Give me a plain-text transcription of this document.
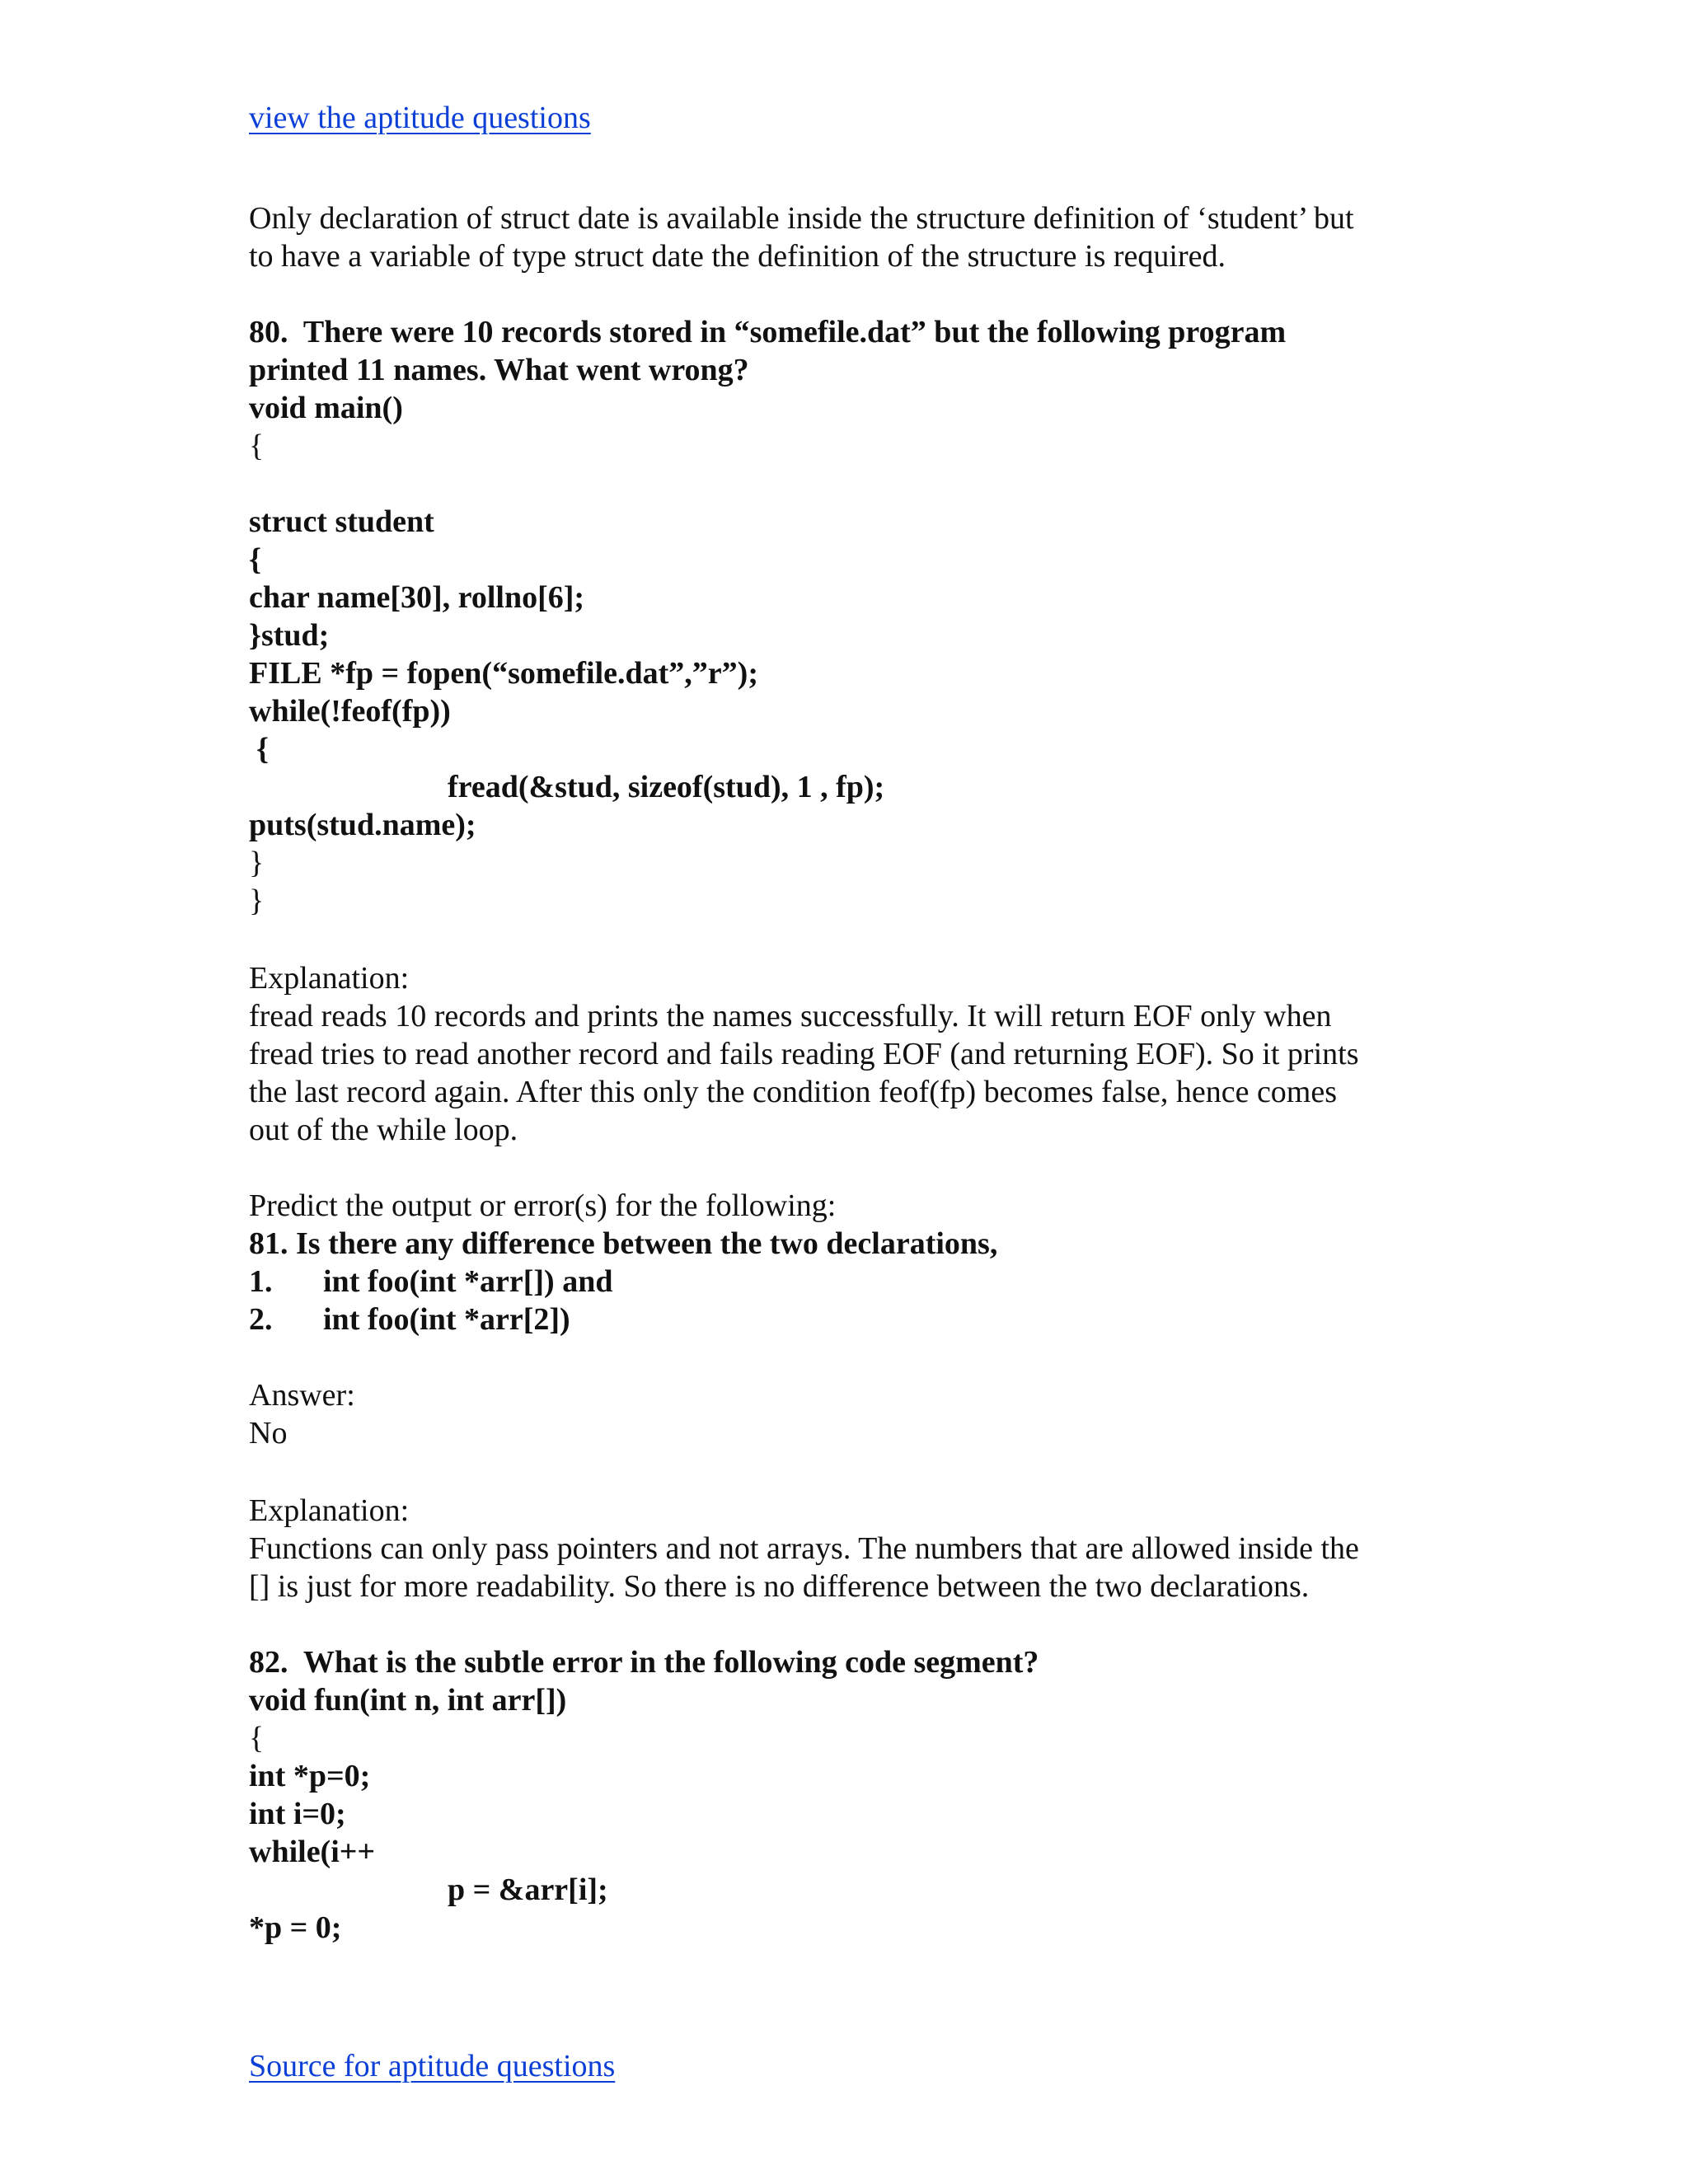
view the aptitude questions
Only declaration of struct date is available inside the structure definition of ‘student’ but
to have a variable of type struct date the definition of the structure is required.
80.  There were 10 records stored in “somefile.dat” but the following program
printed 11 names. What went wrong?
void main()
{
struct student
{
char name[30], rollno[6];
}stud;
FILE *fp = fopen(“somefile.dat”,”r”);
while(!feof(fp))
{
fread(&stud, sizeof(stud), 1 , fp);
puts(stud.name);
}
}
Explanation:
fread reads 10 records and prints the names successfully. It will return EOF only when
fread tries to read another record and fails reading EOF (and returning EOF). So it prints
the last record again. After this only the condition feof(fp) becomes false, hence comes
out of the while loop.
Predict the output or error(s) for the following:
81. Is there any difference between the two declarations,
1. int foo(int *arr[]) and
2. int foo(int *arr[2])
Answer:
No
Explanation:
Functions can only pass pointers and not arrays. The numbers that are allowed inside the
[] is just for more readability. So there is no difference between the two declarations.
82.  What is the subtle error in the following code segment?
void fun(int n, int arr[])
{
int *p=0;
int i=0;
while(i++
p = &arr[i];
*p = 0;
Source for aptitude questions
